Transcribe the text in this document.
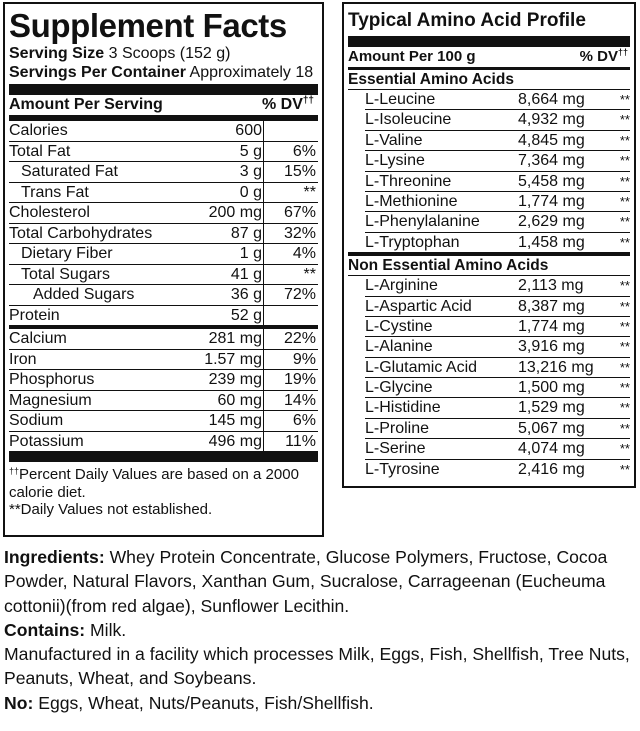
Supplement Facts
Serving Size 3 Scoops (152 g)
Servings Per Container Approximately 18
Amount Per Serving	% DV††
Calories	600
Total Fat	5 g 6%
Saturated Fat	3 g 15%
Trans Fat	0 g	**
Cholesterol	200 mg 67%
Total Carbohydrates	87 g 32%
Dietary Fiber	1 g 4%
Total Sugars	41 g	**
Added Sugars	36 g 72%
Protein	52 g
Calcium	281 mg 22%
Iron	1.57 mg 9%
Phosphorus	239 mg 19%
Magnesium	60 mg 14%
Sodium	145 mg 6%
Potassium	496 mg 11%
††Percent Daily Values are based on a 2000 calorie diet.
**Daily Values not established.
Typical Amino Acid Profile
Amount Per 100 g	% DV††
Essential Amino Acids
L-Leucine	8,664 mg	**
L-Isoleucine	4,932 mg	**
L-Valine	4,845 mg	**
L-Lysine	7,364 mg	**
L-Threonine	5,458 mg	**
L-Methionine	1,774 mg	**
L-Phenylalanine 2,629 mg	**
L-Tryptophan	1,458 mg	**
Non Essential Amino Acids
L-Arginine	2,113 mg	**
L-Aspartic Acid	8,387 mg	**
L-Cystine	1,774 mg	**
L-Alanine	3,916 mg	**
L-Glutamic Acid	13,216 mg **
L-Glycine	1,500 mg	**
L-Histidine	1,529 mg	**
L-Proline	5,067 mg	**
L-Serine	4,074 mg	**
L-Tyrosine	2,416 mg	**

Ingredients: Whey Protein Concentrate, Glucose Polymers, Fructose, Cocoa Powder, Natural Flavors, Xanthan Gum, Sucralose, Carrageenan (Eucheuma cottonii)(from red algae), Sunflower Lecithin.

Contains: Milk.

Manufactured in a facility which processes Milk, Eggs, Fish, Shellfish, Tree Nuts, Peanuts, Wheat, and Soybeans.

No: Eggs, Wheat, Nuts/Peanuts, Fish/Shellfish.
